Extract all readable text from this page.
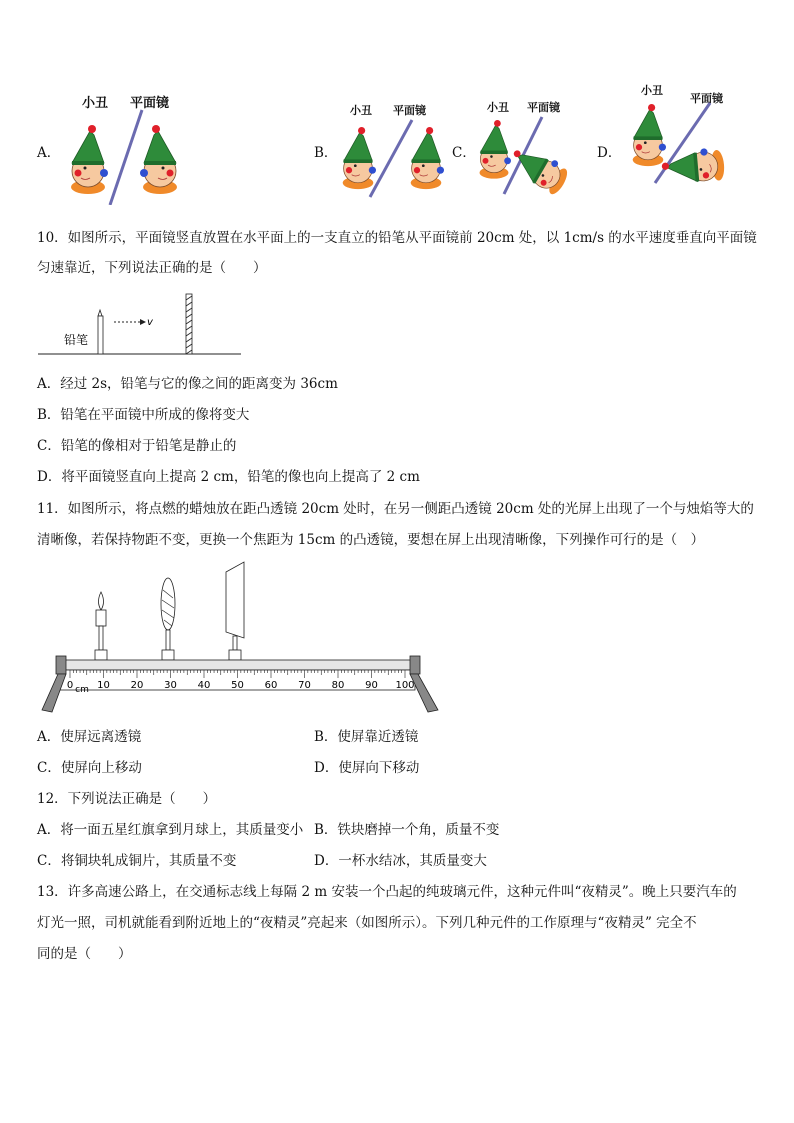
A．
小丑 平面镜
B．
小丑 平面镜
C．
小丑 平面镜
D．
小丑
平面镜
10．如图所示，平面镜竖直放置在水平面上的一支直立的铅笔从平面镜前 20cm 处，以 1cm/s 的水平速度垂直向平面镜
匀速靠近，下列说法正确的是（　　）
铅笔
v
A．经过 2s，铅笔与它的像之间的距离变为 36cm
B．铅笔在平面镜中所成的像将变大
C．铅笔的像相对于铅笔是静止的
D．将平面镜竖直向上提高 2 cm，铅笔的像也向上提高了 2 cm
11．如图所示，将点燃的蜡烛放在距凸透镜 20cm 处时，在另一侧距凸透镜 20cm 处的光屏上出现了一个与烛焰等大的
清晰像，若保持物距不变，更换一个焦距为 15cm 的凸透镜，要想在屏上出现清晰像，下列操作可行的是（　）
0 10 20 30 40 50 60 70 80 90 100
cm
A．使屏远离透镜	B．使屏靠近透镜
C．使屏向上移动	D．使屏向下移动
12．下列说法正确是（　　）
A．将一面五星红旗拿到月球上，其质量变小 B．铁块磨掉一个角，质量不变
C．将铜块轧成铜片，其质量不变	D．一杯水结冰，其质量变大
13．许多高速公路上，在交通标志线上每隔 2 m 安装一个凸起的纯玻璃元件，这种元件叫“夜精灵”。晚上只要汽车的
灯光一照，司机就能看到附近地上的“夜精灵”亮起来（如图所示）。下列几种元件的工作原理与“夜精灵” 完全不
同的是（　　）
